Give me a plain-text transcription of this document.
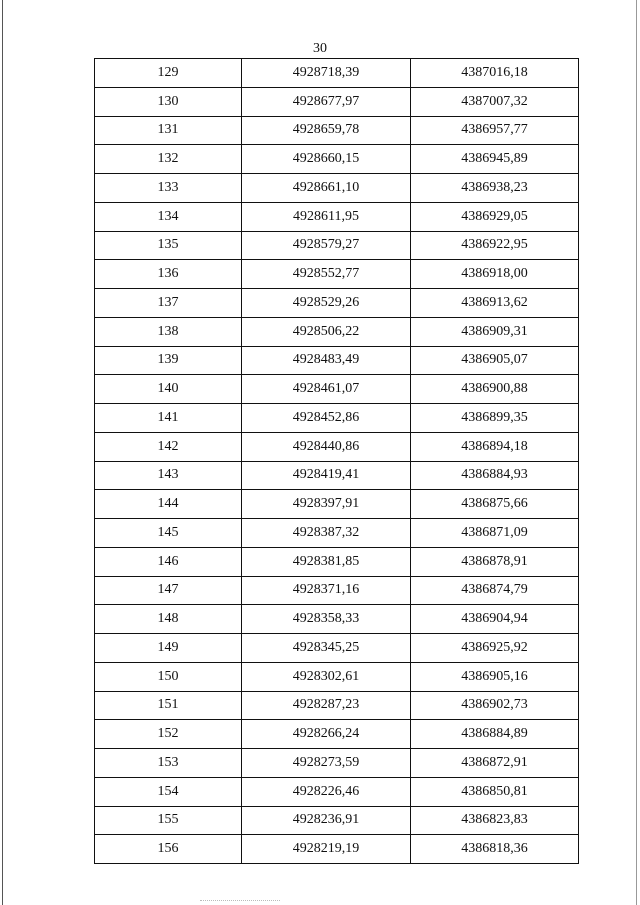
30
129	4928718,39	4387016,18
130	4928677,97	4387007,32
131	4928659,78	4386957,77
132	4928660,15	4386945,89
133	4928661,10	4386938,23
134	4928611,95	4386929,05
135	4928579,27	4386922,95
136	4928552,77	4386918,00
137	4928529,26	4386913,62
138	4928506,22	4386909,31
139	4928483,49	4386905,07
140	4928461,07	4386900,88
141	4928452,86	4386899,35
142	4928440,86	4386894,18
143	4928419,41	4386884,93
144	4928397,91	4386875,66
145	4928387,32	4386871,09
146	4928381,85	4386878,91
147	4928371,16	4386874,79
148	4928358,33	4386904,94
149	4928345,25	4386925,92
150	4928302,61	4386905,16
151	4928287,23	4386902,73
152	4928266,24	4386884,89
153	4928273,59	4386872,91
154	4928226,46	4386850,81
155	4928236,91	4386823,83
156	4928219,19	4386818,36
